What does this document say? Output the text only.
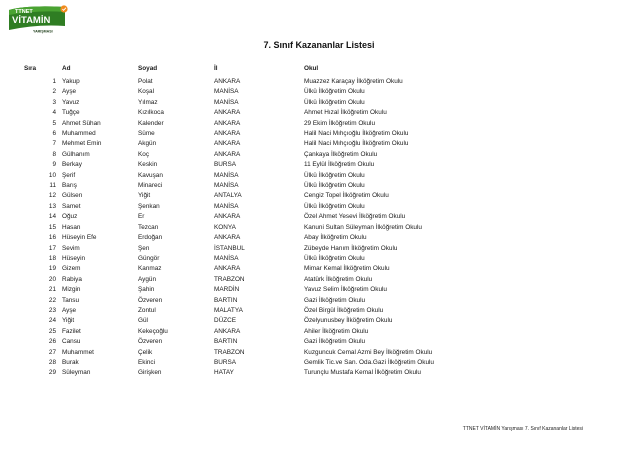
TTNET
VİTAMİN
YARIŞMASI
7. Sınıf Kazananlar Listesi
Sıra	Ad	Soyad	İl	Okul
1	Yakup	Polat	ANKARA	Muazzez Karaçay İlköğretim Okulu
2	Ayşe	Koşal	MANİSA	Ülkü İlköğretim Okulu
3	Yavuz	Yılmaz	MANİSA	Ülkü İlköğretim Okulu
4	Tuğçe	Kızılkoca	ANKARA	Ahmet Hızal İlköğretim Okulu
5	Ahmet Sühan	Kalender	ANKARA	29 Ekim İlköğretim Okulu
6	Muhammed	Süme	ANKARA	Halil Naci Mıhçıoğlu İlköğretim Okulu
7	Mehmet Emin	Akgün	ANKARA	Halil Naci Mıhçıoğlu İlköğretim Okulu
8	Gülhanım	Koç	ANKARA	Çankaya İlköğretim Okulu
9	Berkay	Keskin	BURSA	11 Eylül İlköğretim Okulu
10	Şerif	Kavuşan	MANİSA	Ülkü İlköğretim Okulu
11	Barış	Minareci	MANİSA	Ülkü İlköğretim Okulu
12	Gülsen	Yiğit	ANTALYA	Cengiz Topel İlköğretim Okulu
13	Samet	Şenkan	MANİSA	Ülkü İlköğretim Okulu
14	Oğuz	Er	ANKARA	Özel Ahmet Yesevi İlköğretim Okulu
15	Hasan	Tezcan	KONYA	Kanuni Sultan Süleyman İlköğretim Okulu
16	Hüseyin Efe	Erdoğan	ANKARA	Abay İlköğretim Okulu
17	Sevim	Şen	İSTANBUL	Zübeyde Hanım İlköğretim Okulu
18	Hüseyin	Güngör	MANİSA	Ülkü İlköğretim Okulu
19	Gizem	Kanmaz	ANKARA	Mimar Kemal İlköğretim Okulu
20	Rabiya	Aygün	TRABZON	Atatürk İlköğretim Okulu
21	Mizgin	Şahin	MARDİN	Yavuz Selim İlköğretim Okulu
22	Tansu	Özveren	BARTIN	Gazi İlköğretim Okulu
23	Ayşe	Zontul	MALATYA	Özel Birgül İlköğretim Okulu
24	Yiğit	Gül	DÜZCE	Özelyunusbey İlköğretim Okulu
25	Fazilet	Kekeçoğlu	ANKARA	Ahiler İlköğretim Okulu
26	Cansu	Özveren	BARTIN	Gazi İlköğretim Okulu
27	Muhammet	Çelik	TRABZON	Kuzguncuk Cemal Azmi Bey İlköğretim Okulu
28	Burak	Ekinci	BURSA	Gemlik Tic.ve San. Oda.Gazi İlköğretim Okulu
29	Süleyman	Girişken	HATAY	Turunçlu Mustafa Kemal İlköğretim Okulu
TTNET VİTAMİN Yarışması 7. Sınıf Kazananlar Listesi
